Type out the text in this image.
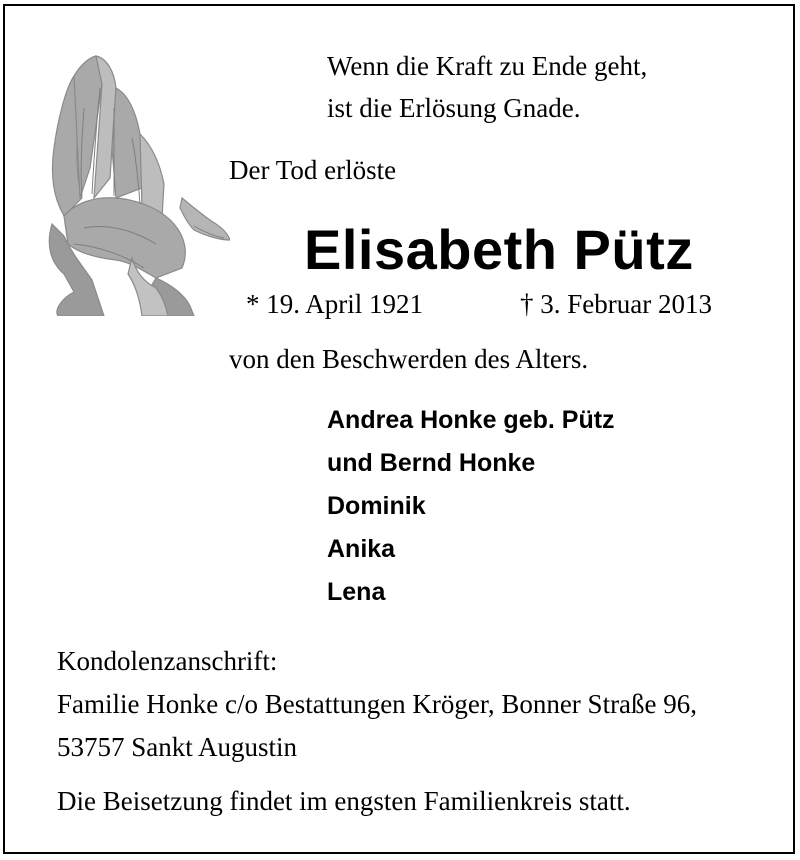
Wenn die Kraft zu Ende geht,
ist die Erlösung Gnade.
Der Tod erlöste
Elisabeth Pütz
* 19. April 1921	† 3. Februar 2013
von den Beschwerden des Alters.
Andrea Honke geb. Pütz
und Bernd Honke
Dominik
Anika
Lena
Kondolenzanschrift:
Familie Honke c/o Bestattungen Kröger, Bonner Straße 96,
53757 Sankt Augustin
Die Beisetzung findet im engsten Familienkreis statt.
